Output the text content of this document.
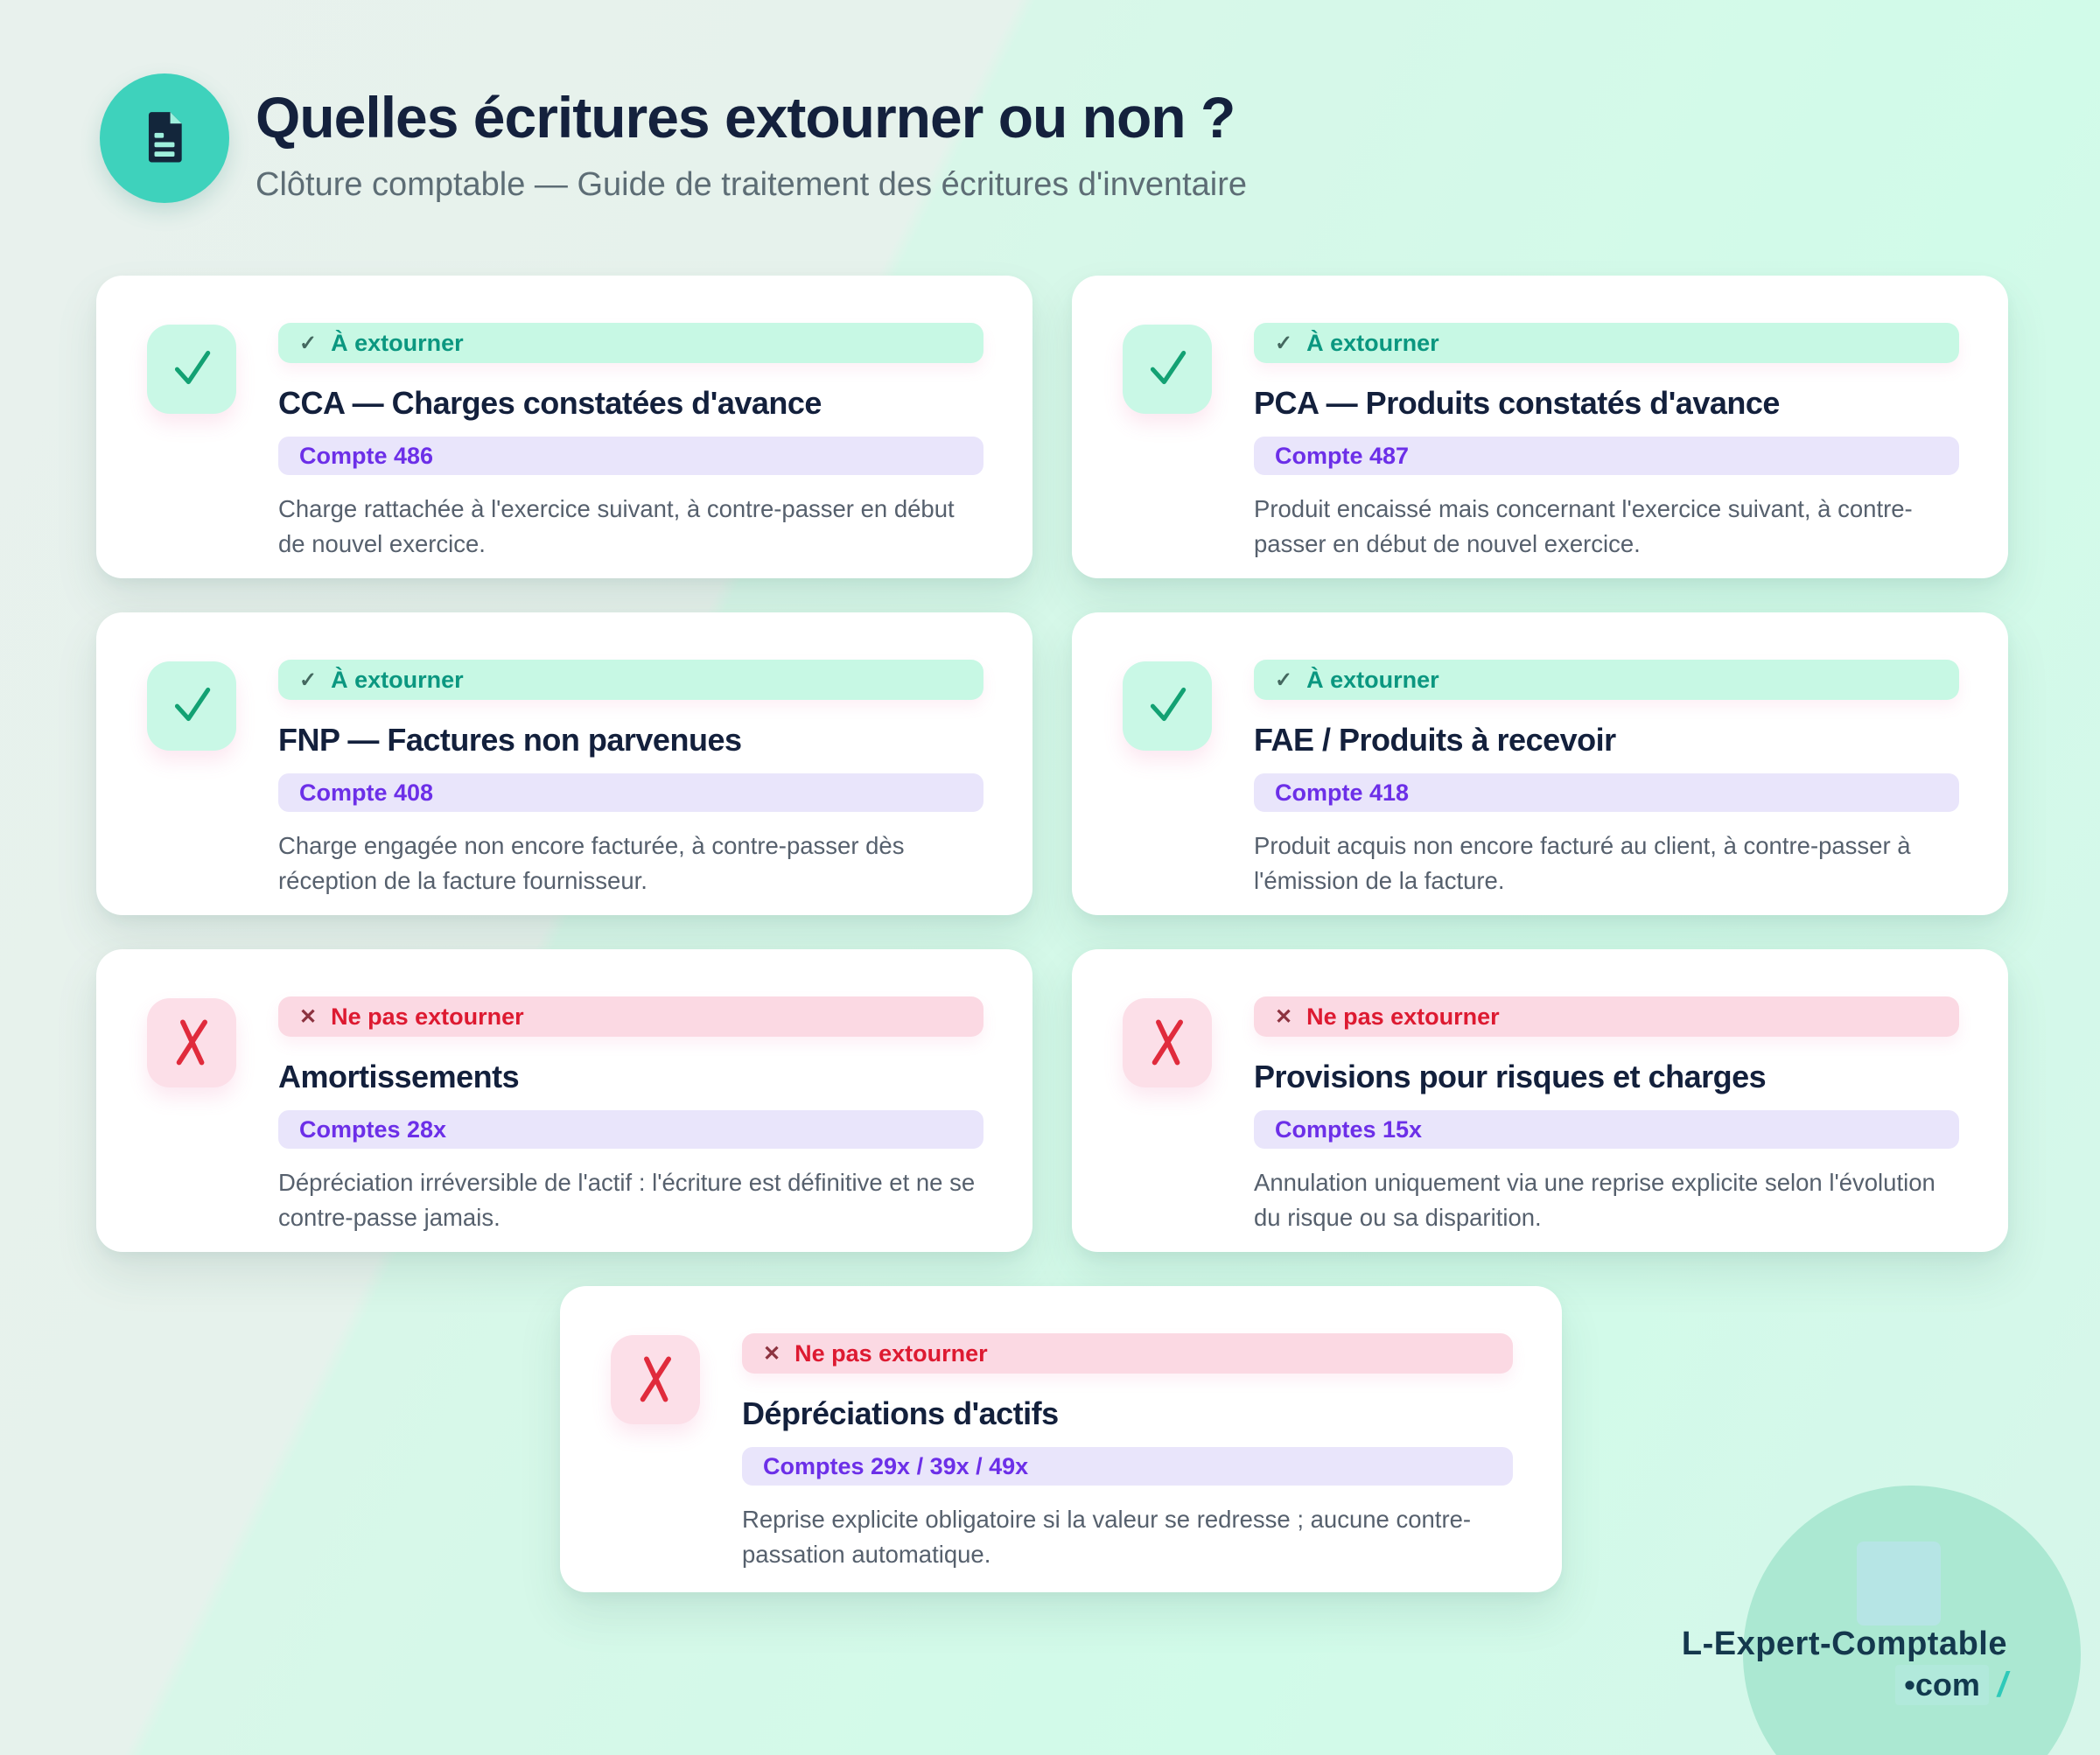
Quelles écritures extourner ou non ?
Clôture comptable — Guide de traitement des écritures d'inventaire
✓ À extourner
CCA — Charges constatées d'avance
Compte 486
Charge rattachée à l'exercice suivant, à contre-passer en début de nouvel exercice.
✓ À extourner
PCA — Produits constatés d'avance
Compte 487
Produit encaissé mais concernant l'exercice suivant, à contre-passer en début de nouvel exercice.
✓ À extourner
FNP — Factures non parvenues
Compte 408
Charge engagée non encore facturée, à contre-passer dès réception de la facture fournisseur.
✓ À extourner
FAE / Produits à recevoir
Compte 418
Produit acquis non encore facturé au client, à contre-passer à l'émission de la facture.
✕ Ne pas extourner
Amortissements
Comptes 28x
Dépréciation irréversible de l'actif : l'écriture est définitive et ne se contre-passe jamais.
✕ Ne pas extourner
Provisions pour risques et charges
Comptes 15x
Annulation uniquement via une reprise explicite selon l'évolution du risque ou sa disparition.
✕ Ne pas extourner
Dépréciations d'actifs
Comptes 29x / 39x / 49x
Reprise explicite obligatoire si la valeur se redresse ; aucune contre-passation automatique.
L-Expert-Comptable
•com /
